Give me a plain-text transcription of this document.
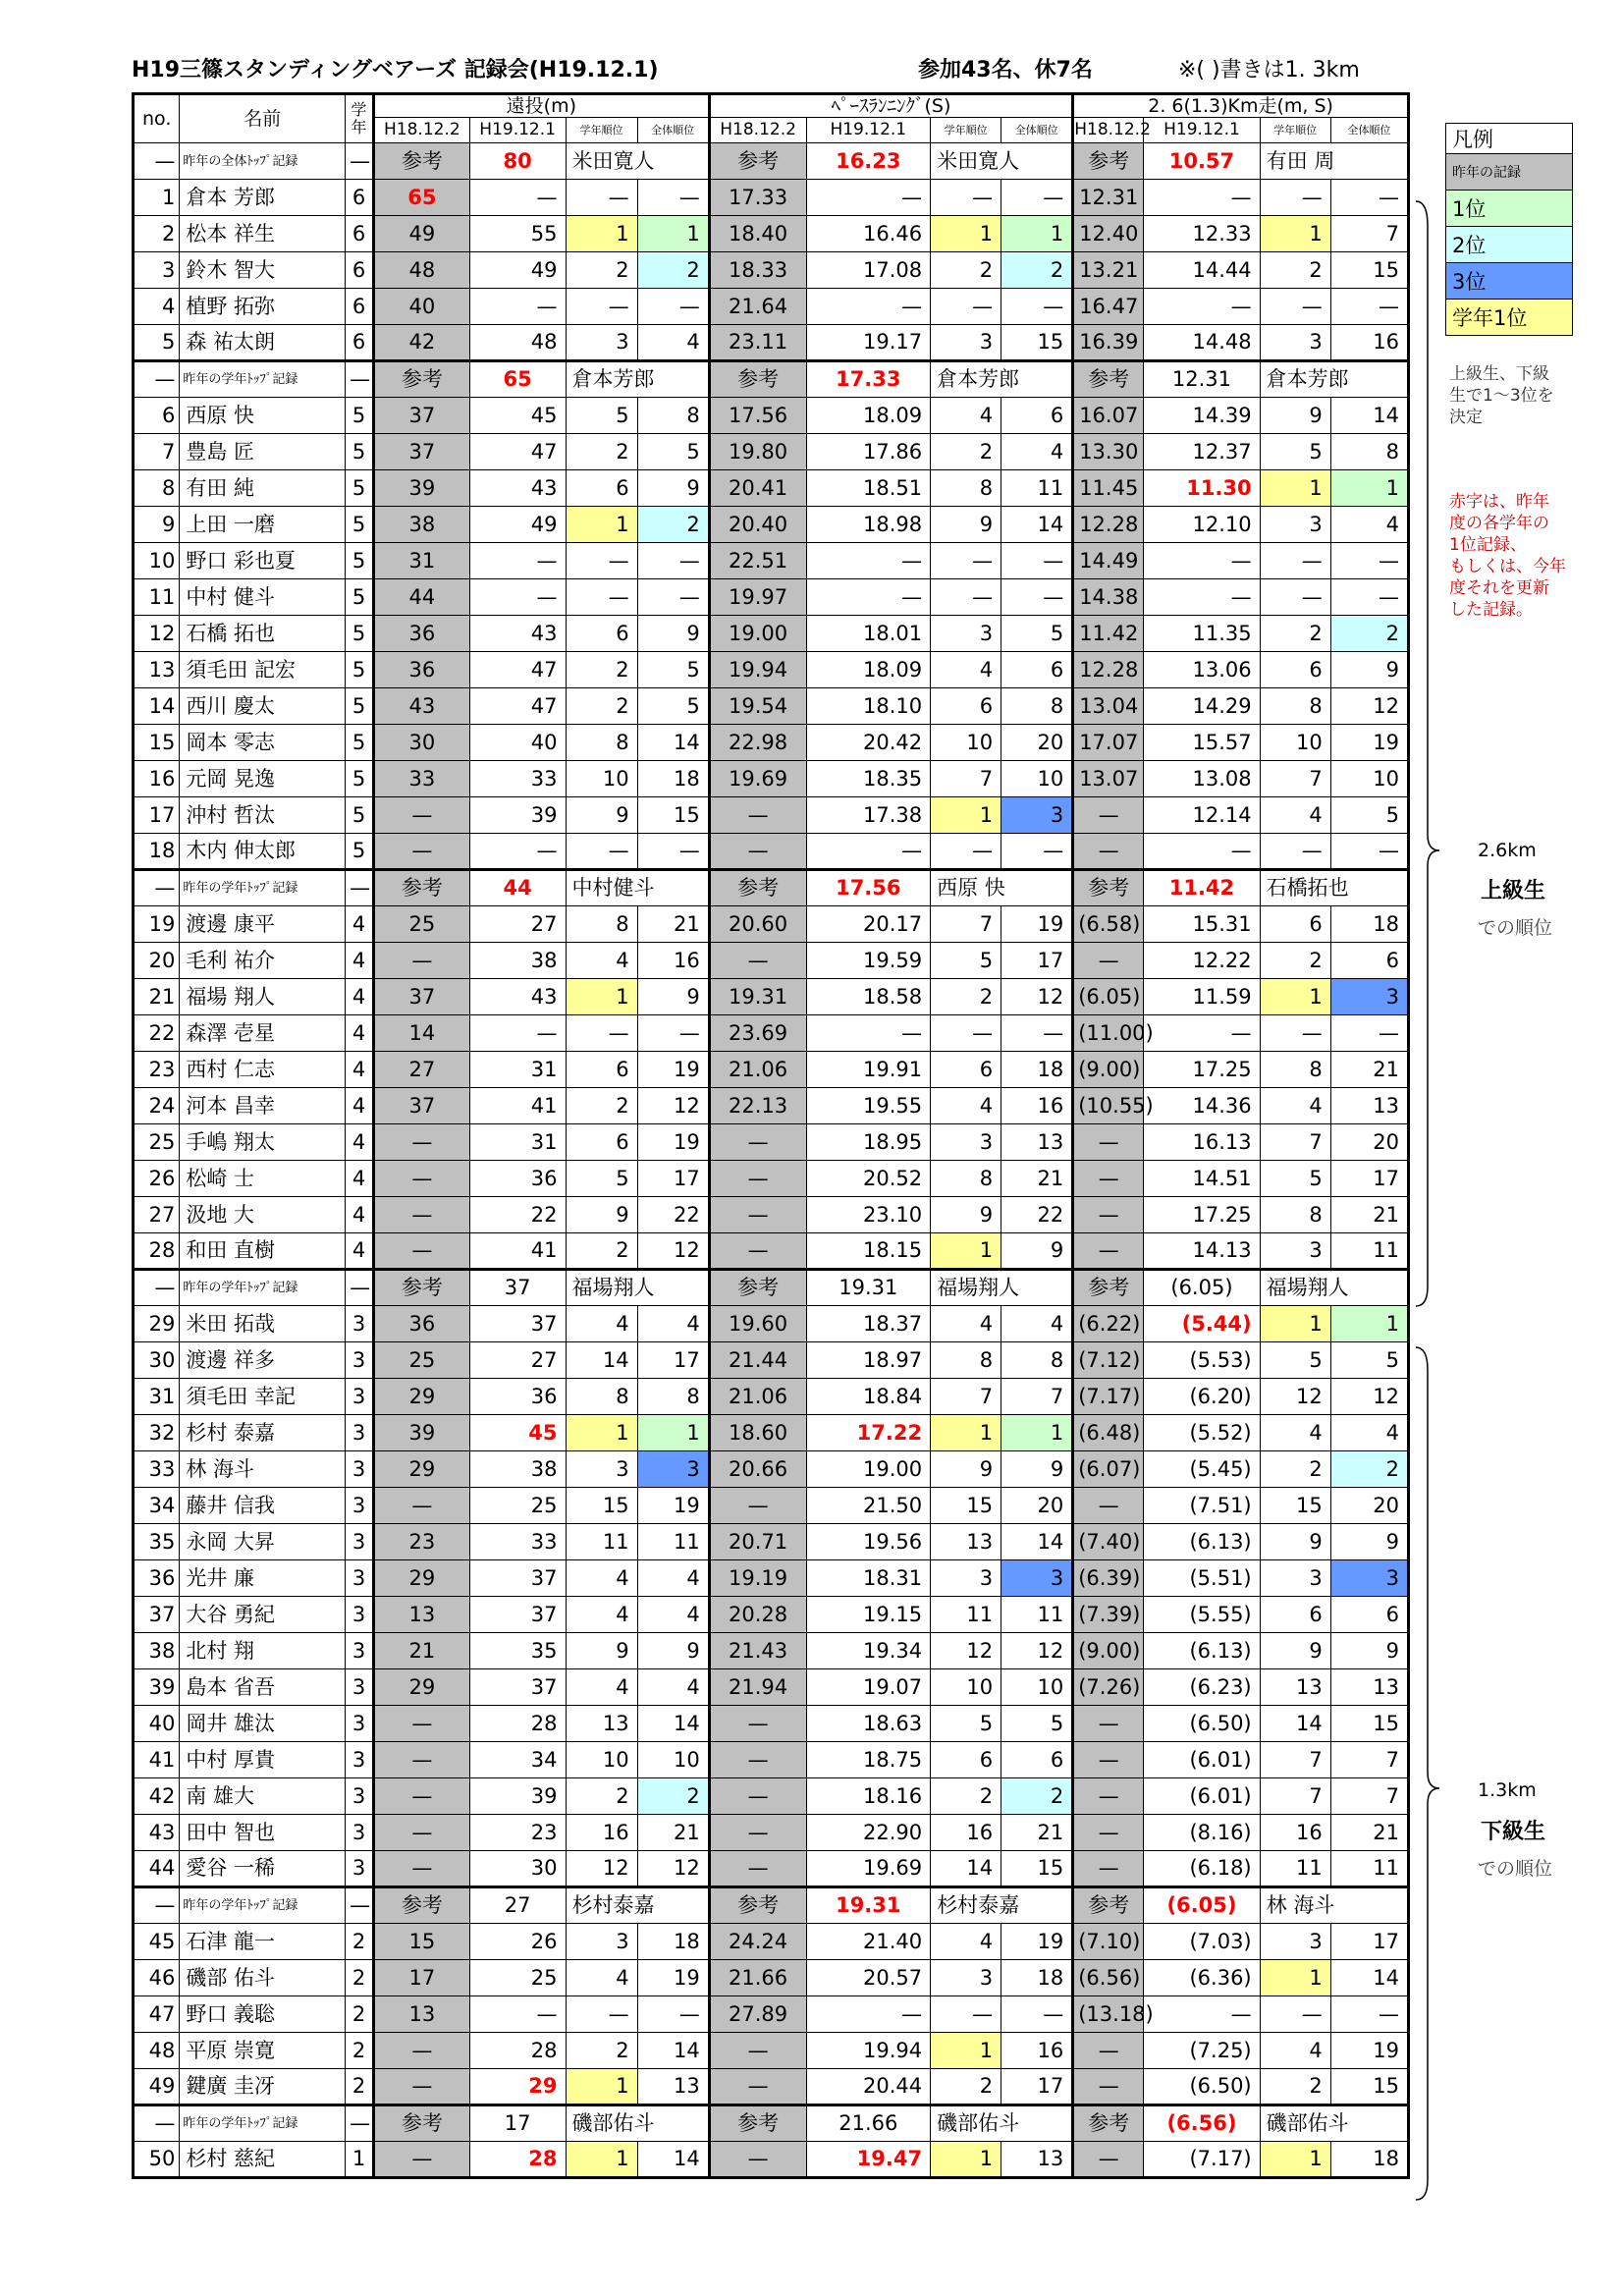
H19三篠スタンディングベアーズ 記録会(H19.12.1)	参加43名、休7名	※( )書きは1. 3km
no.	名前	学年	遠投(m)				ﾍﾟｰｽﾗﾝﾆﾝｸﾞ(S)				2. 6(1.3)Km走(m, S)			
			H18.12.2	H19.12.1	学年順位	全体順位	H18.12.2	H19.12.1	学年順位	全体順位	H18.12.2	H19.12.1	学年順位	全体順位
—	昨年の全体ﾄｯﾌﾟ記録	—	参考	80	米田寛人		参考	16.23	米田寛人		参考	10.57	有田 周	
1	倉本 芳郎	6	65	—	—	—	17.33	—	—	—	12.31	—	—	—
2	松本 祥生	6	49	55	1	1	18.40	16.46	1	1	12.40	12.33	1	7
3	鈴木 智大	6	48	49	2	2	18.33	17.08	2	2	13.21	14.44	2	15
4	植野 拓弥	6	40	—	—	—	21.64	—	—	—	16.47	—	—	—
5	森 祐太朗	6	42	48	3	4	23.11	19.17	3	15	16.39	14.48	3	16
—	昨年の学年ﾄｯﾌﾟ記録	—	参考	65	倉本芳郎		参考	17.33	倉本芳郎		参考	12.31	倉本芳郎	
6	西原 快	5	37	45	5	8	17.56	18.09	4	6	16.07	14.39	9	14
7	豊島 匠	5	37	47	2	5	19.80	17.86	2	4	13.30	12.37	5	8
8	有田 純	5	39	43	6	9	20.41	18.51	8	11	11.45	11.30	1	1
9	上田 一磨	5	38	49	1	2	20.40	18.98	9	14	12.28	12.10	3	4
10	野口 彩也夏	5	31	—	—	—	22.51	—	—	—	14.49	—	—	—
11	中村 健斗	5	44	—	—	—	19.97	—	—	—	14.38	—	—	—
12	石橋 拓也	5	36	43	6	9	19.00	18.01	3	5	11.42	11.35	2	2
13	須毛田 記宏	5	36	47	2	5	19.94	18.09	4	6	12.28	13.06	6	9
14	西川 慶太	5	43	47	2	5	19.54	18.10	6	8	13.04	14.29	8	12
15	岡本 零志	5	30	40	8	14	22.98	20.42	10	20	17.07	15.57	10	19
16	元岡 晃逸	5	33	33	10	18	19.69	18.35	7	10	13.07	13.08	7	10
17	沖村 哲汰	5	—	39	9	15	—	17.38	1	3	—	12.14	4	5
18	木内 伸太郎	5	—	—	—	—	—	—	—	—	—	—	—	—
—	昨年の学年ﾄｯﾌﾟ記録	—	参考	44	中村健斗		参考	17.56	西原 快		参考	11.42	石橋拓也	
19	渡邊 康平	4	25	27	8	21	20.60	20.17	7	19	(6.58)	15.31	6	18
20	毛利 祐介	4	—	38	4	16	—	19.59	5	17	—	12.22	2	6
21	福場 翔人	4	37	43	1	9	19.31	18.58	2	12	(6.05)	11.59	1	3
22	森澤 壱星	4	14	—	—	—	23.69	—	—	—	(11.00)	—	—	—
23	西村 仁志	4	27	31	6	19	21.06	19.91	6	18	(9.00)	17.25	8	21
24	河本 昌幸	4	37	41	2	12	22.13	19.55	4	16	(10.55)	14.36	4	13
25	手嶋 翔太	4	—	31	6	19	—	18.95	3	13	—	16.13	7	20
26	松崎 士	4	—	36	5	17	—	20.52	8	21	—	14.51	5	17
27	汲地 大	4	—	22	9	22	—	23.10	9	22	—	17.25	8	21
28	和田 直樹	4	—	41	2	12	—	18.15	1	9	—	14.13	3	11
—	昨年の学年ﾄｯﾌﾟ記録	—	参考	37	福場翔人		参考	19.31	福場翔人		参考	(6.05)	福場翔人	
29	米田 拓哉	3	36	37	4	4	19.60	18.37	4	4	(6.22)	(5.44)	1	1
30	渡邊 祥多	3	25	27	14	17	21.44	18.97	8	8	(7.12)	(5.53)	5	5
31	須毛田 幸記	3	29	36	8	8	21.06	18.84	7	7	(7.17)	(6.20)	12	12
32	杉村 泰嘉	3	39	45	1	1	18.60	17.22	1	1	(6.48)	(5.52)	4	4
33	林 海斗	3	29	38	3	3	20.66	19.00	9	9	(6.07)	(5.45)	2	2
34	藤井 信我	3	—	25	15	19	—	21.50	15	20	—	(7.51)	15	20
35	永岡 大昇	3	23	33	11	11	20.71	19.56	13	14	(7.40)	(6.13)	9	9
36	光井 廉	3	29	37	4	4	19.19	18.31	3	3	(6.39)	(5.51)	3	3
37	大谷 勇紀	3	13	37	4	4	20.28	19.15	11	11	(7.39)	(5.55)	6	6
38	北村 翔	3	21	35	9	9	21.43	19.34	12	12	(9.00)	(6.13)	9	9
39	島本 省吾	3	29	37	4	4	21.94	19.07	10	10	(7.26)	(6.23)	13	13
40	岡井 雄汰	3	—	28	13	14	—	18.63	5	5	—	(6.50)	14	15
41	中村 厚貴	3	—	34	10	10	—	18.75	6	6	—	(6.01)	7	7
42	南 雄大	3	—	39	2	2	—	18.16	2	2	—	(6.01)	7	7
43	田中 智也	3	—	23	16	21	—	22.90	16	21	—	(8.16)	16	21
44	愛谷 一稀	3	—	30	12	12	—	19.69	14	15	—	(6.18)	11	11
—	昨年の学年ﾄｯﾌﾟ記録	—	参考	27	杉村泰嘉		参考	19.31	杉村泰嘉		参考	(6.05)	林 海斗	
45	石津 龍一	2	15	26	3	18	24.24	21.40	4	19	(7.10)	(7.03)	3	17
46	磯部 佑斗	2	17	25	4	19	21.66	20.57	3	18	(6.56)	(6.36)	1	14
47	野口 義聡	2	13	—	—	—	27.89	—	—	—	(13.18)	—	—	—
48	平原 崇寛	2	—	28	2	14	—	19.94	1	16	—	(7.25)	4	19
49	鍵廣 圭冴	2	—	29	1	13	—	20.44	2	17	—	(6.50)	2	15
—	昨年の学年ﾄｯﾌﾟ記録	—	参考	17	磯部佑斗		参考	21.66	磯部佑斗		参考	(6.56)	磯部佑斗	
50	杉村 慈紀	1	—	28	1	14	—	19.47	1	13	—	(7.17)	1	18
凡例
昨年の記録
1位
2位
3位
学年1位
上級生、下級
生で1～3位を
決定
赤字は、昨年
度の各学年の
1位記録、
もしくは、今年
度それを更新
した記録。
2.6km
上級生
での順位
1.3km
下級生
での順位
